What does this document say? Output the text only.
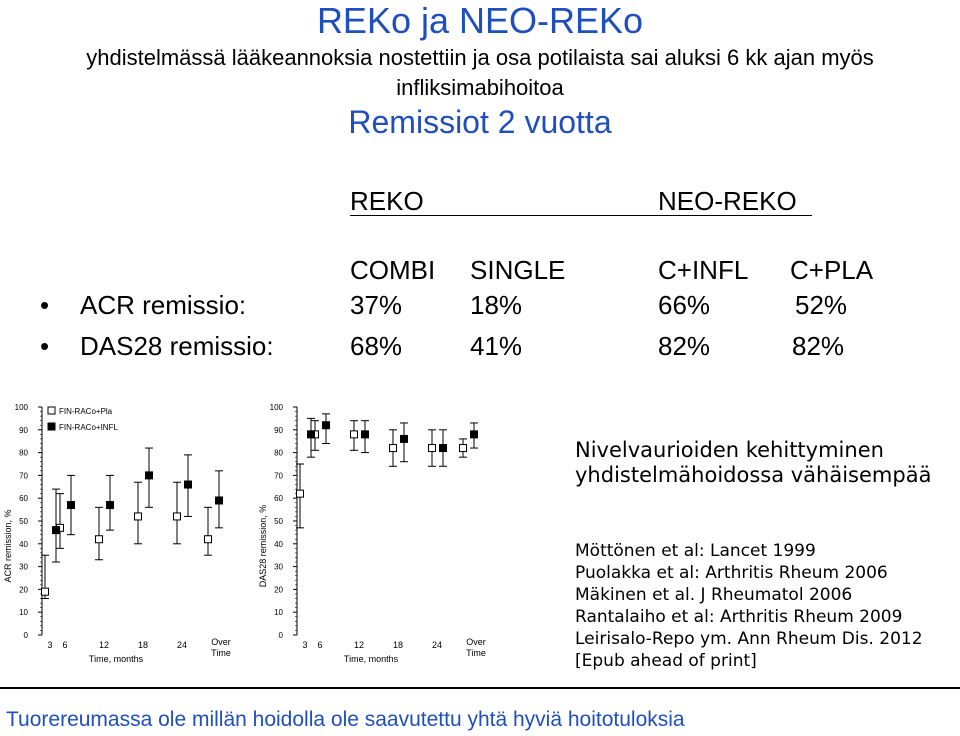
REKo ja NEO-REKo
yhdistelmässä lääkeannoksia nostettiin ja osa potilaista sai aluksi 6 kk ajan myös
infliksimabihoitoa
Remissiot 2 vuotta
REKO	NEO-REKO
COMBI SINGLE	C+INFL C+PLA
• ACR remissio:	37%	18%	66%	52%
• DAS28 remissio:	68%	41%	82%	82%
0
10
20
30
40
50
60
70
80
90
100
ACR remission, %
3 6	12	18	24	Over
Time
Time, months
FIN-RACo+Pla
FIN-RACo+INFL
0
10
20
30
40
50
60
70
80
90
100
DAS28 remission, %
3 6	12	18	24	Over
Time
Time, months
Nivelvaurioiden kehittyminen
yhdistelmähoidossa vähäisempää
Möttönen et al: Lancet 1999
Puolakka et al: Arthritis Rheum 2006
Mäkinen et al. J Rheumatol 2006
Rantalaiho et al: Arthritis Rheum 2009
Leirisalo-Repo ym. Ann Rheum Dis. 2012
[Epub ahead of print]
Tuorereumassa ole millän hoidolla ole saavutettu yhtä hyviä hoitotuloksia
